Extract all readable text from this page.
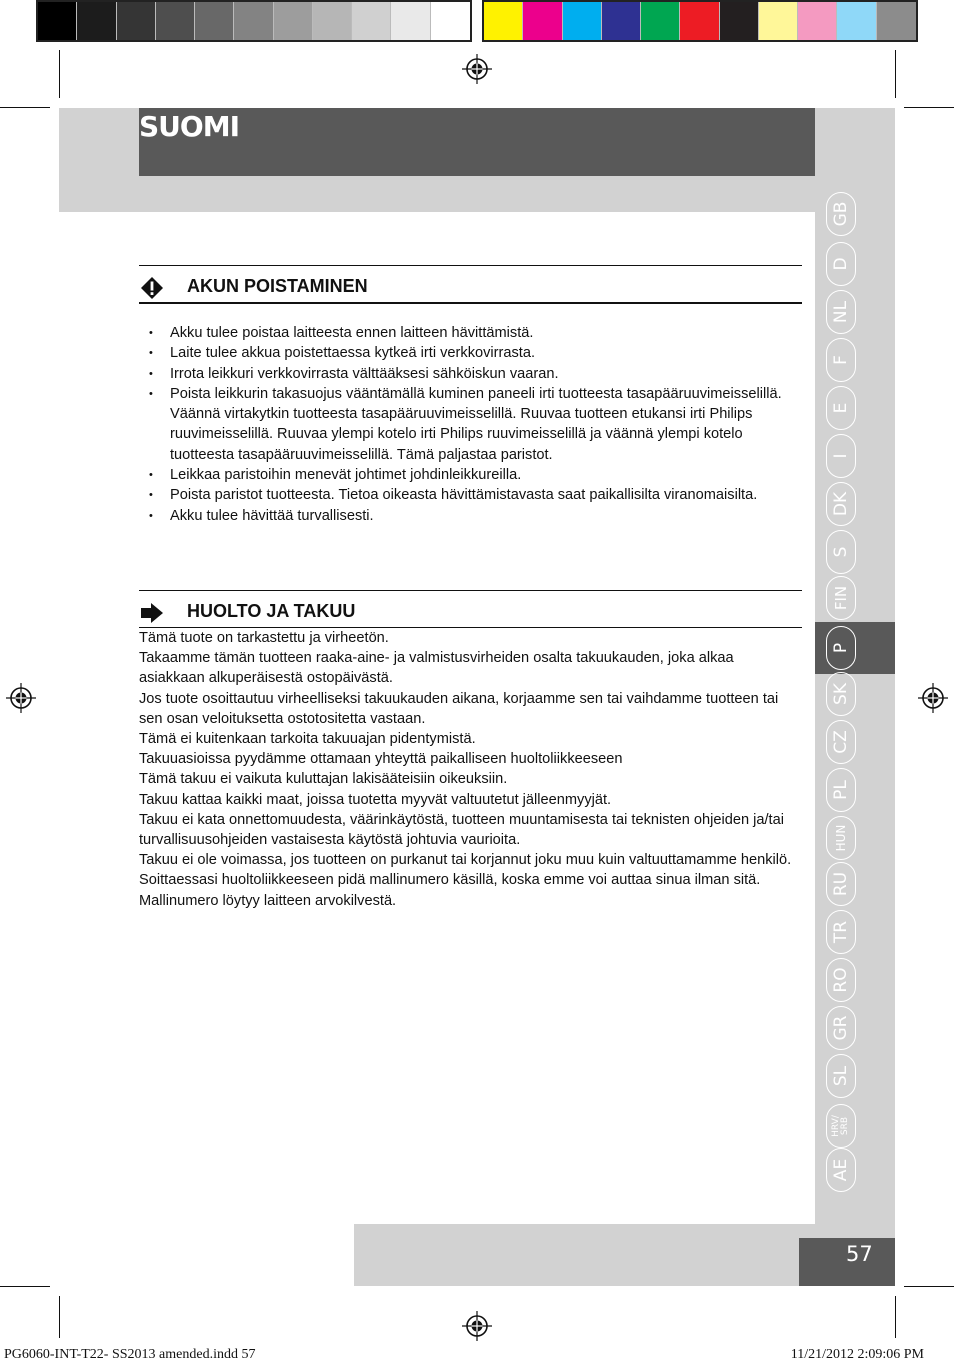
SUOMI
GB
D
NL
F
E
I
DK
S
FIN
P
SK
CZ
PL
HUN
RU
TR
RO
GR
SL
HRV/
SRB
AE
57
AKUN POISTAMINEN
• Akku tulee poistaa laitteesta ennen laitteen hävittämistä.
• Laite tulee akkua poistettaessa kytkeä irti verkkovirrasta.
• Irrota leikkuri verkkovirrasta välttääksesi sähköiskun vaaran.
• Poista leikkurin takasuojus vääntämällä kuminen paneeli irti tuotteesta tasapääruuvimeisselillä. Väännä virtakytkin tuotteesta tasapääruuvimeisselillä. Ruuvaa tuotteen etukansi irti Philips ruuvimeisselillä. Ruuvaa ylempi kotelo irti Philips ruuvimeisselillä ja väännä ylempi kotelo tuotteesta tasapääruuvimeisselillä. Tämä paljastaa paristot.
• Leikkaa paristoihin menevät johtimet johdinleikkureilla.
• Poista paristot tuotteesta. Tietoa oikeasta hävittämistavasta saat paikallisilta viranomaisilta.
• Akku tulee hävittää turvallisesti.
HUOLTO JA TAKUU

Tämä tuote on tarkastettu ja virheetön.

Takaamme tämän tuotteen raaka-aine- ja valmistusvirheiden osalta takuukauden, joka alkaa asiakkaan alkuperäisestä ostopäivästä.

Jos tuote osoittautuu virheelliseksi takuukauden aikana, korjaamme sen tai vaihdamme tuotteen tai sen osan veloituksetta ostotositetta vastaan.

Tämä ei kuitenkaan tarkoita takuuajan pidentymistä.

Takuuasioissa pyydämme ottamaan yhteyttä paikalliseen huoltoliikkeeseen

Tämä takuu ei vaikuta kuluttajan lakisääteisiin oikeuksiin.

Takuu kattaa kaikki maat, joissa tuotetta myyvät valtuutetut jälleenmyyjät.

Takuu ei kata onnettomuudesta, väärinkäytöstä, tuotteen muuntamisesta tai teknisten ohjeiden ja/tai turvallisuusohjeiden vastaisesta käytöstä johtuvia vaurioita.

Takuu ei ole voimassa, jos tuotteen on purkanut tai korjannut joku muu kuin valtuuttamamme henkilö.

Soittaessasi huoltoliikkeeseen pidä mallinumero käsillä, koska emme voi auttaa sinua ilman sitä.

Mallinumero löytyy laitteen arvokilvestä.

PG6060-INT-T22- SS2013 amended.indd 57	11/21/2012 2:09:06 PM
